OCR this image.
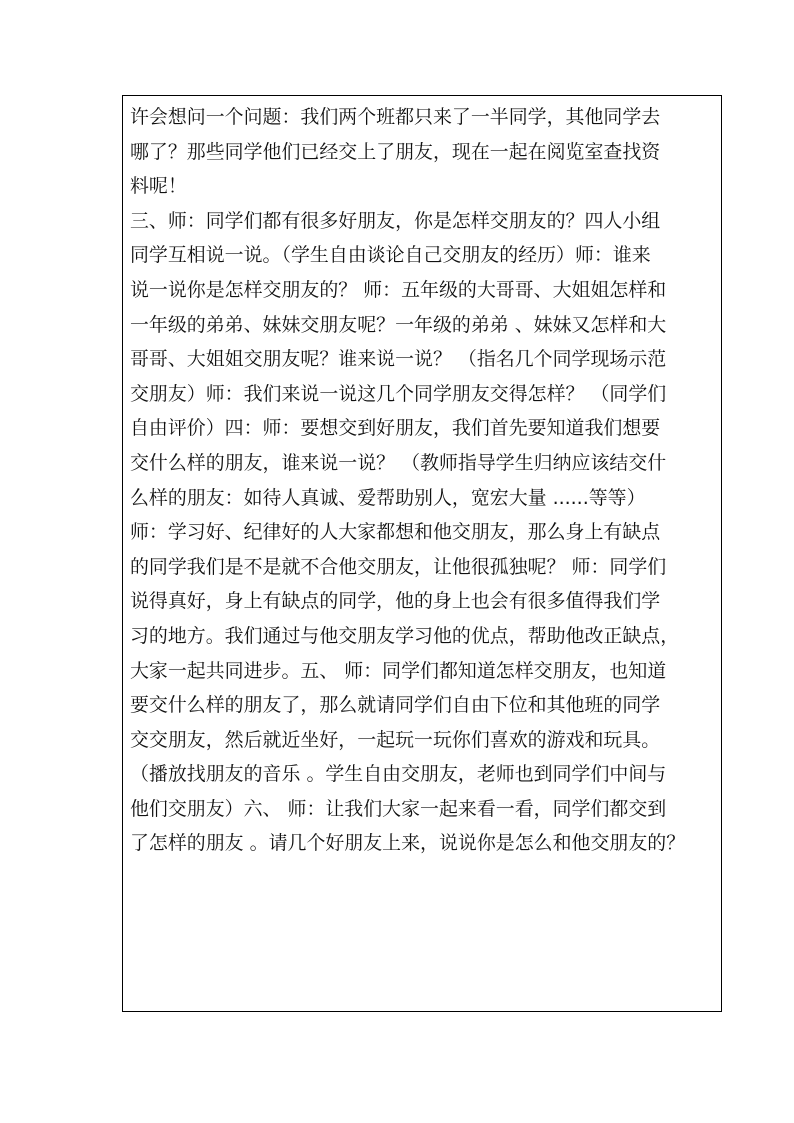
许会想问一个问题：我们两个班都只来了一半同学，其他同学去
哪了？那些同学他们已经交上了朋友，现在一起在阅览室查找资
料呢！
三、师：同学们都有很多好朋友，你是怎样交朋友的？四人小组
同学互相说一说。（学生自由谈论自己交朋友的经历）师：谁来
说一说你是怎样交朋友的？ 师：五年级的大哥哥、大姐姐怎样和
一年级的弟弟、妹妹交朋友呢？一年级的弟弟 、妹妹又怎样和大
哥哥、大姐姐交朋友呢？谁来说一说？ （指名几个同学现场示范
交朋友）师：我们来说一说这几个同学朋友交得怎样？ （同学们
自由评价）四：师：要想交到好朋友，我们首先要知道我们想要
交什么样的朋友，谁来说一说？ （教师指导学生归纳应该结交什
么样的朋友：如待人真诚、爱帮助别人，宽宏大量 ......等等）
师：学习好、纪律好的人大家都想和他交朋友，那么身上有缺点
的同学我们是不是就不合他交朋友，让他很孤独呢？ 师：同学们
说得真好，身上有缺点的同学，他的身上也会有很多值得我们学
习的地方。我们通过与他交朋友学习他的优点，帮助他改正缺点，
大家一起共同进步。五、 师：同学们都知道怎样交朋友，也知道
要交什么样的朋友了，那么就请同学们自由下位和其他班的同学
交交朋友，然后就近坐好，一起玩一玩你们喜欢的游戏和玩具。
（播放找朋友的音乐 。学生自由交朋友，老师也到同学们中间与
他们交朋友）六、 师：让我们大家一起来看一看，同学们都交到
了怎样的朋友 。请几个好朋友上来，说说你是怎么和他交朋友的？
